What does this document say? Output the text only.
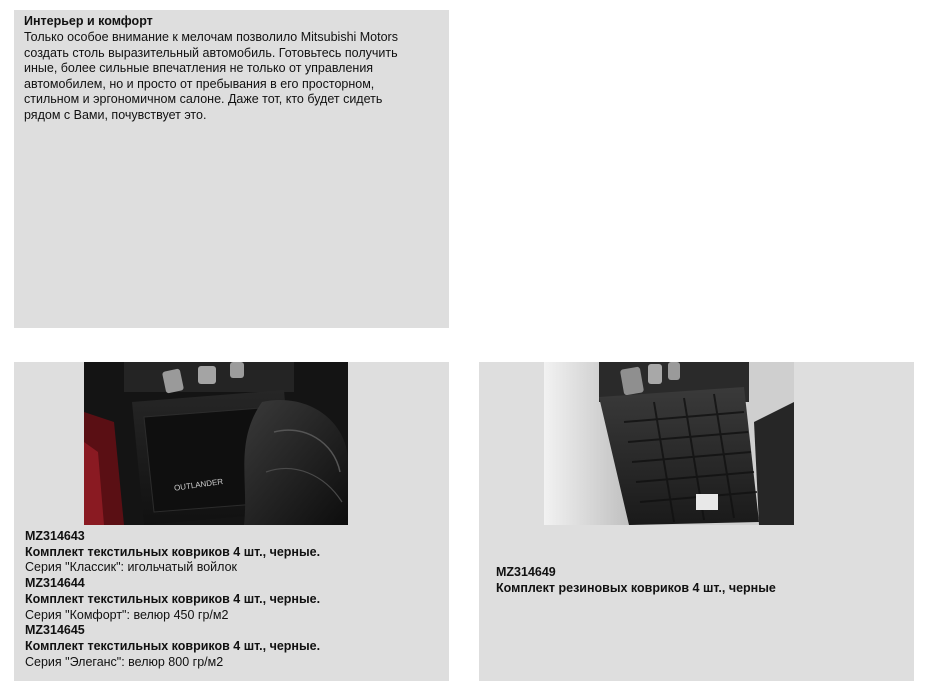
Интерьер и комфорт
Только особое внимание к мелочам позволило Mitsubishi Motors
создать столь выразительный автомобиль. Готовьтесь получить
иные, более сильные впечатления не только от управления
автомобилем, но и просто от пребывания в его просторном,
стильном и эргономичном салоне. Даже тот, кто будет сидеть
рядом с Вами, почувствует это.
OUTLANDER
MZ314643
Комплект текстильных ковриков 4 шт., черные.
Серия "Классик": игольчатый войлок
MZ314644
Комплект текстильных ковриков 4 шт., черные.
Серия "Комфорт": велюр 450 гр/м2
MZ314645
Комплект текстильных ковриков 4 шт., черные.
Серия "Элеганс": велюр 800 гр/м2
MZ314649
Комплект резиновых ковриков 4 шт., черные
